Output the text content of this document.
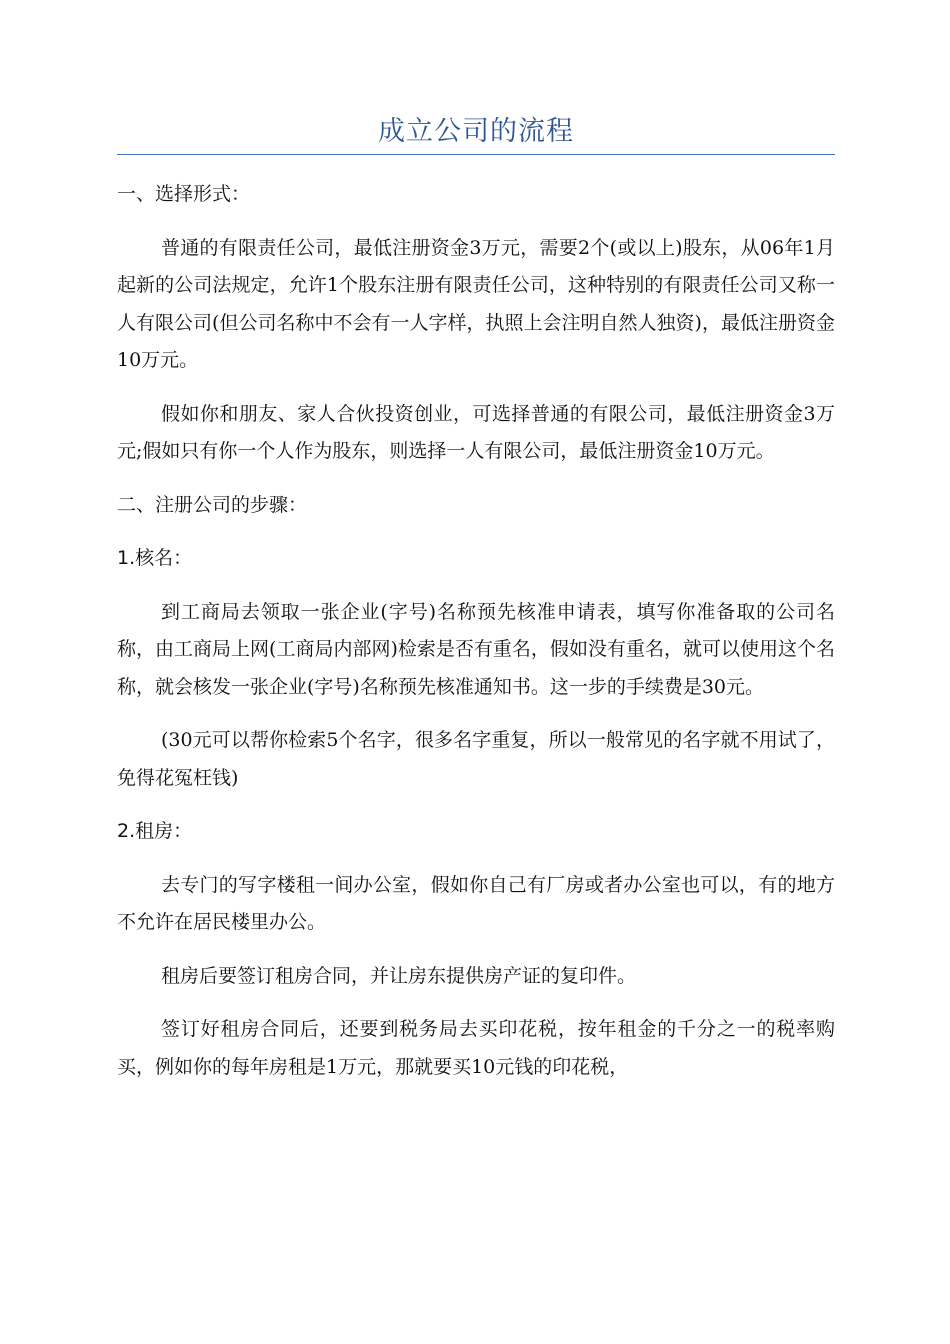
成立公司的流程

一、选择形式：

普通的有限责任公司，最低注册资金3万元，需要2个(或以上)股东，从06年1月起新的公司法规定，允许1个股东注册有限责任公司，这种特别的有限责任公司又称一人有限公司(但公司名称中不会有一人字样，执照上会注明自然人独资)，最低注册资金10万元。

假如你和朋友、家人合伙投资创业，可选择普通的有限公司，最低注册资金3万元;假如只有你一个人作为股东，则选择一人有限公司，最低注册资金10万元。

二、注册公司的步骤：

1.核名：

到工商局去领取一张企业(字号)名称预先核准申请表，填写你准备取的公司名称，由工商局上网(工商局内部网)检索是否有重名，假如没有重名，就可以使用这个名称，就会核发一张企业(字号)名称预先核准通知书。这一步的手续费是30元。

(30元可以帮你检索5个名字，很多名字重复，所以一般常见的名字就不用试了，免得花冤枉钱)

2.租房：

去专门的写字楼租一间办公室，假如你自己有厂房或者办公室也可以，有的地方不允许在居民楼里办公。

租房后要签订租房合同，并让房东提供房产证的复印件。

签订好租房合同后，还要到税务局去买印花税，按年租金的千分之一的税率购买，例如你的每年房租是1万元，那就要买10元钱的印花税，
